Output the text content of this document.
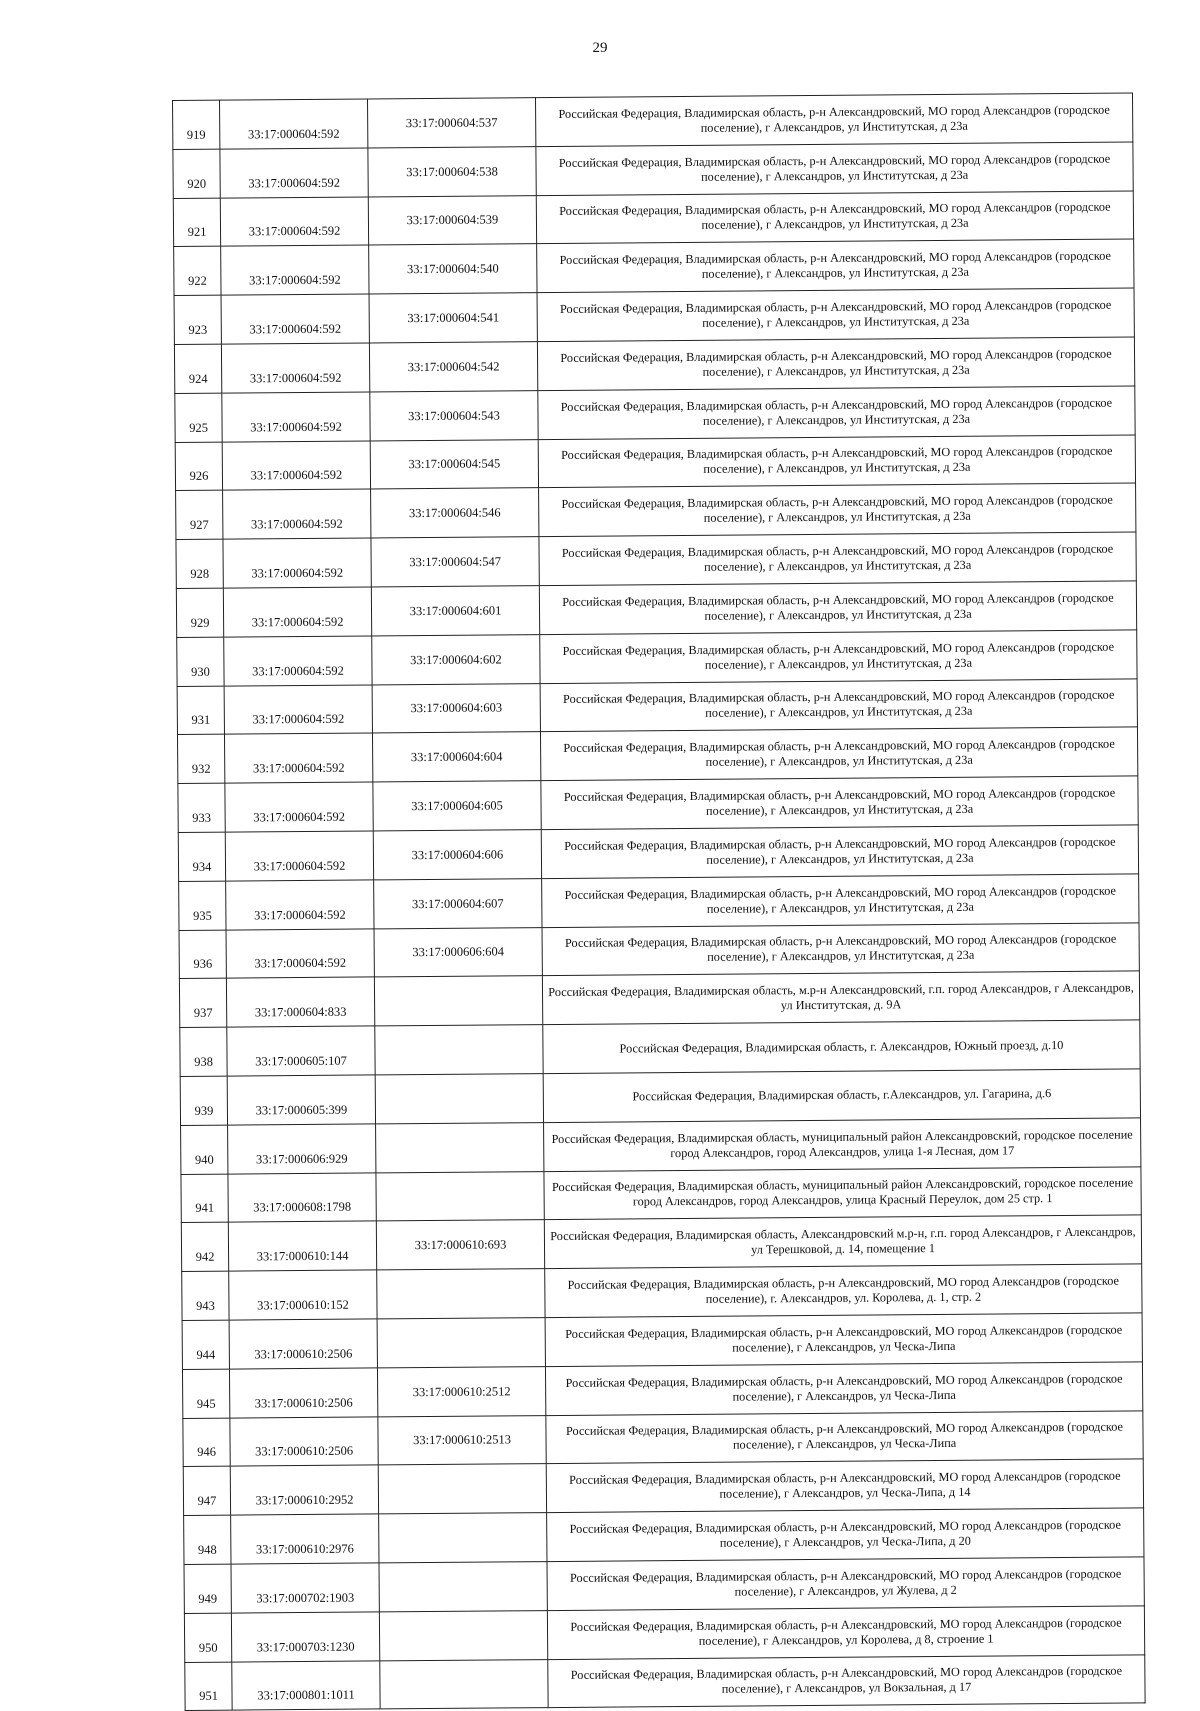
29
919	33:17:000604:592	33:17:000604:537	Российская Федерация, Владимирская область, р-н Александровский, МО город Александров (городское поселение), г Александров, ул Институтская, д 23а

920	33:17:000604:592	33:17:000604:538	Российская Федерация, Владимирская область, р-н Александровский, МО город Александров (городское поселение), г Александров, ул Институтская, д 23а

921	33:17:000604:592	33:17:000604:539	Российская Федерация, Владимирская область, р-н Александровский, МО город Александров (городское поселение), г Александров, ул Институтская, д 23а

922	33:17:000604:592	33:17:000604:540	Российская Федерация, Владимирская область, р-н Александровский, МО город Александров (городское поселение), г Александров, ул Институтская, д 23а

923	33:17:000604:592	33:17:000604:541	Российская Федерация, Владимирская область, р-н Александровский, МО город Александров (городское поселение), г Александров, ул Институтская, д 23а

924	33:17:000604:592	33:17:000604:542	Российская Федерация, Владимирская область, р-н Александровский, МО город Александров (городское поселение), г Александров, ул Институтская, д 23а

925	33:17:000604:592	33:17:000604:543	Российская Федерация, Владимирская область, р-н Александровский, МО город Александров (городское поселение), г Александров, ул Институтская, д 23а

926	33:17:000604:592	33:17:000604:545	Российская Федерация, Владимирская область, р-н Александровский, МО город Александров (городское поселение), г Александров, ул Институтская, д 23а

927	33:17:000604:592	33:17:000604:546	Российская Федерация, Владимирская область, р-н Александровский, МО город Александров (городское поселение), г Александров, ул Институтская, д 23а

928	33:17:000604:592	33:17:000604:547	Российская Федерация, Владимирская область, р-н Александровский, МО город Александров (городское поселение), г Александров, ул Институтская, д 23а

929	33:17:000604:592	33:17:000604:601	Российская Федерация, Владимирская область, р-н Александровский, МО город Александров (городское поселение), г Александров, ул Институтская, д 23а

930	33:17:000604:592	33:17:000604:602	Российская Федерация, Владимирская область, р-н Александровский, МО город Александров (городское поселение), г Александров, ул Институтская, д 23а

931	33:17:000604:592	33:17:000604:603	Российская Федерация, Владимирская область, р-н Александровский, МО город Александров (городское поселение), г Александров, ул Институтская, д 23а

932	33:17:000604:592	33:17:000604:604	Российская Федерация, Владимирская область, р-н Александровский, МО город Александров (городское поселение), г Александров, ул Институтская, д 23а

933	33:17:000604:592	33:17:000604:605	Российская Федерация, Владимирская область, р-н Александровский, МО город Александров (городское поселение), г Александров, ул Институтская, д 23а

934	33:17:000604:592	33:17:000604:606	Российская Федерация, Владимирская область, р-н Александровский, МО город Александров (городское поселение), г Александров, ул Институтская, д 23а

935	33:17:000604:592	33:17:000604:607	Российская Федерация, Владимирская область, р-н Александровский, МО город Александров (городское поселение), г Александров, ул Институтская, д 23а

936	33:17:000604:592	33:17:000606:604	Российская Федерация, Владимирская область, р-н Александровский, МО город Александров (городское поселение), г Александров, ул Институтская, д 23а

937	33:17:000604:833		Российская Федерация, Владимирская область, м.р-н Александровский, г.п. город Александров, г Александров, ул Институтская, д. 9А

938	33:17:000605:107		Российская Федерация, Владимирская область, г. Александров, Южный проезд, д.10

939	33:17:000605:399		Российская Федерация, Владимирская область, г.Александров, ул. Гагарина, д.6

940	33:17:000606:929		Российская Федерация, Владимирская область, муниципальный район Александровский, городское поселение город Александров, город Александров, улица 1-я Лесная, дом 17

941	33:17:000608:1798		Российская Федерация, Владимирская область, муниципальный район Александровский, городское поселение город Александров, город Александров, улица Красный Переулок, дом 25 стр. 1

942	33:17:000610:144	33:17:000610:693	Российская Федерация, Владимирская область, Александровский м.р-н, г.п. город Александров, г Александров, ул Терешковой, д. 14, помещение 1

943	33:17:000610:152		Российская Федерация, Владимирская область, р-н Александровский, МО город Александров (городское поселение), г. Александров, ул. Королева, д. 1, стр. 2

944	33:17:000610:2506		Российская Федерация, Владимирская область, р-н Александровский, МО город Алкександров (городское поселение), г Александров, ул Ческа-Липа

945	33:17:000610:2506	33:17:000610:2512	Российская Федерация, Владимирская область, р-н Александровский, МО город Алкександров (городское поселение), г Александров, ул Ческа-Липа

946	33:17:000610:2506	33:17:000610:2513	Российская Федерация, Владимирская область, р-н Александровский, МО город Алкександров (городское поселение), г Александров, ул Ческа-Липа

947	33:17:000610:2952		Российская Федерация, Владимирская область, р-н Александровский, МО город Александров (городское поселение), г Александров, ул Ческа-Липа, д 14

948	33:17:000610:2976		Российская Федерация, Владимирская область, р-н Александровский, МО город Александров (городское поселение), г Александров, ул Ческа-Липа, д 20

949	33:17:000702:1903		Российская Федерация, Владимирская область, р-н Александровский, МО город Александров (городское поселение), г Александров, ул Жулева, д 2

950	33:17:000703:1230		Российская Федерация, Владимирская область, р-н Александровский, МО город Александров (городское поселение), г Александров, ул Королева, д 8, строение 1

951	33:17:000801:1011		Российская Федерация, Владимирская область, р-н Александровский, МО город Александров (городское поселение), г Александров, ул Вокзальная, д 17
